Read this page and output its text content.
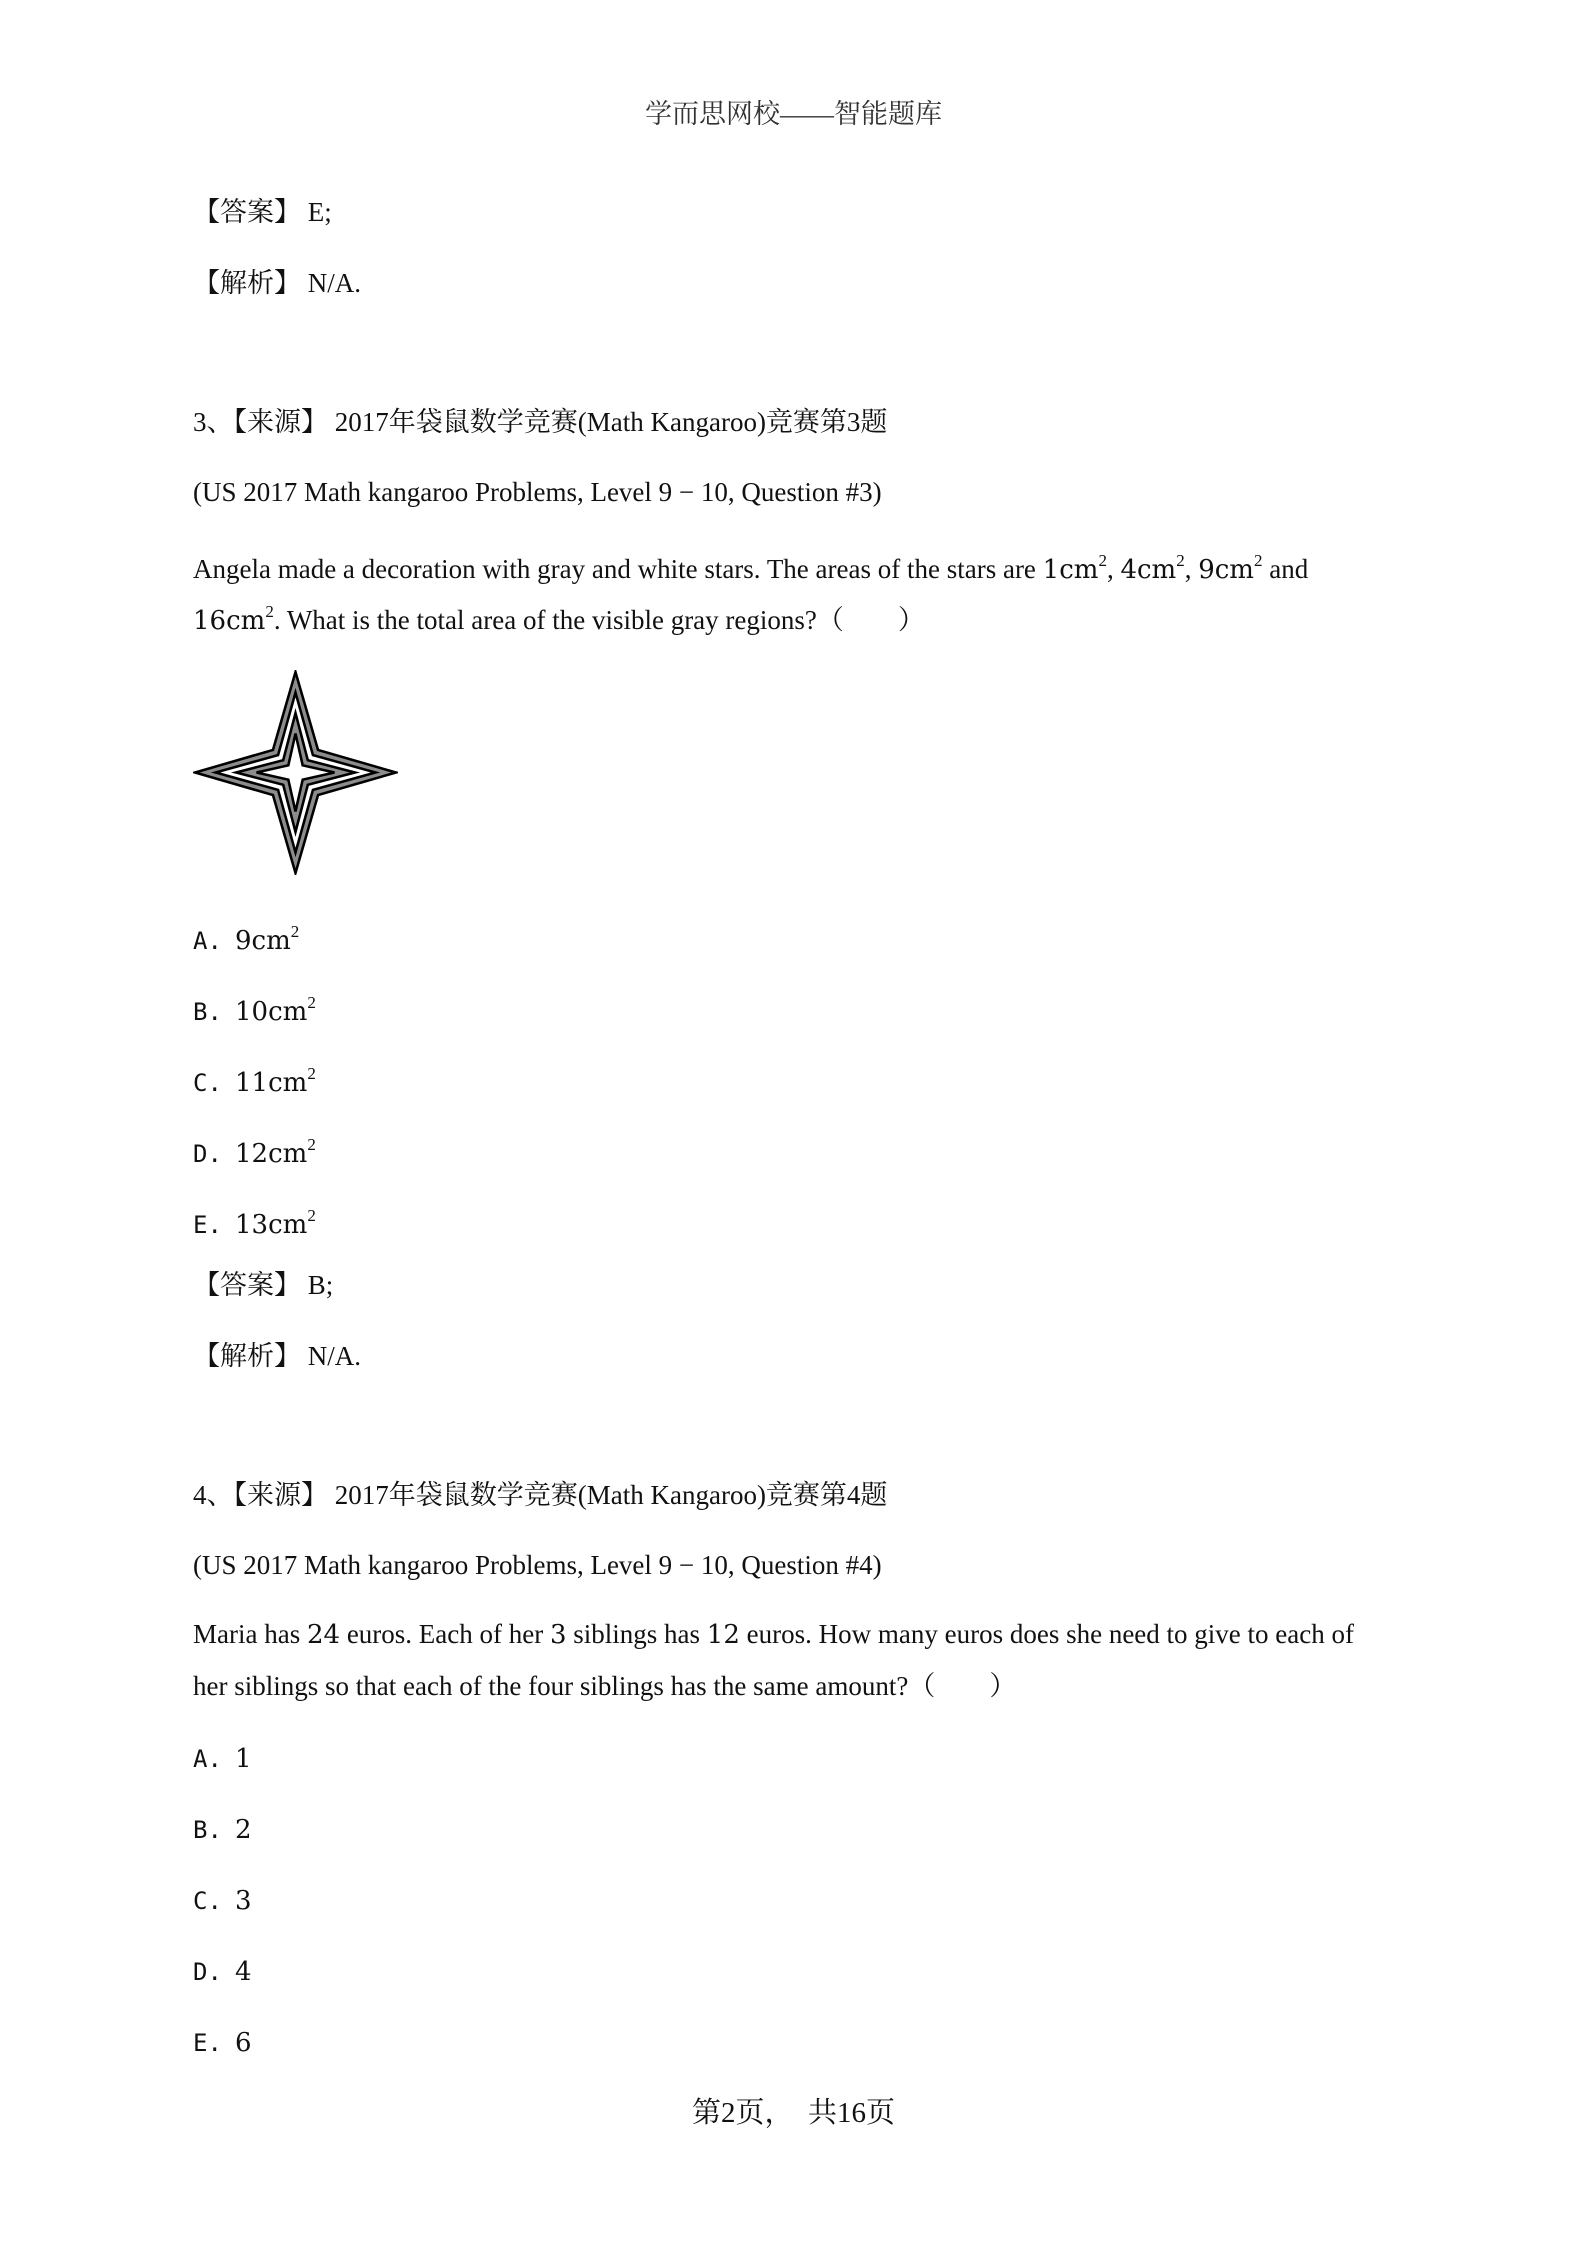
学而思网校——智能题库
【答案】 E;
【解析】 N/A.
3、【来源】 2017年袋鼠数学竞赛(Math Kangaroo)竞赛第3题
(US 2017 Math kangaroo Problems, Level 9 − 10, Question #3)
Angela made a decoration with gray and white stars. The areas of the stars are $1cm^2$, $4cm^2$, $9cm^2$ and
$16cm^2$. What is the total area of the visible gray regions?（　　）
A. $9cm^2$
B. $10cm^2$
C. $11cm^2$
D. $12cm^2$
E. $13cm^2$
【答案】 B;
【解析】 N/A.
4、【来源】 2017年袋鼠数学竞赛(Math Kangaroo)竞赛第4题
(US 2017 Math kangaroo Problems, Level 9 − 10, Question #4)
Maria has 24 euros. Each of her 3 siblings has 12 euros. How many euros does she need to give to each of
her siblings so that each of the four siblings has the same amount?（　　）
A. 1
B. 2
C. 3
D. 4
E. 6
第2页，　共16页
